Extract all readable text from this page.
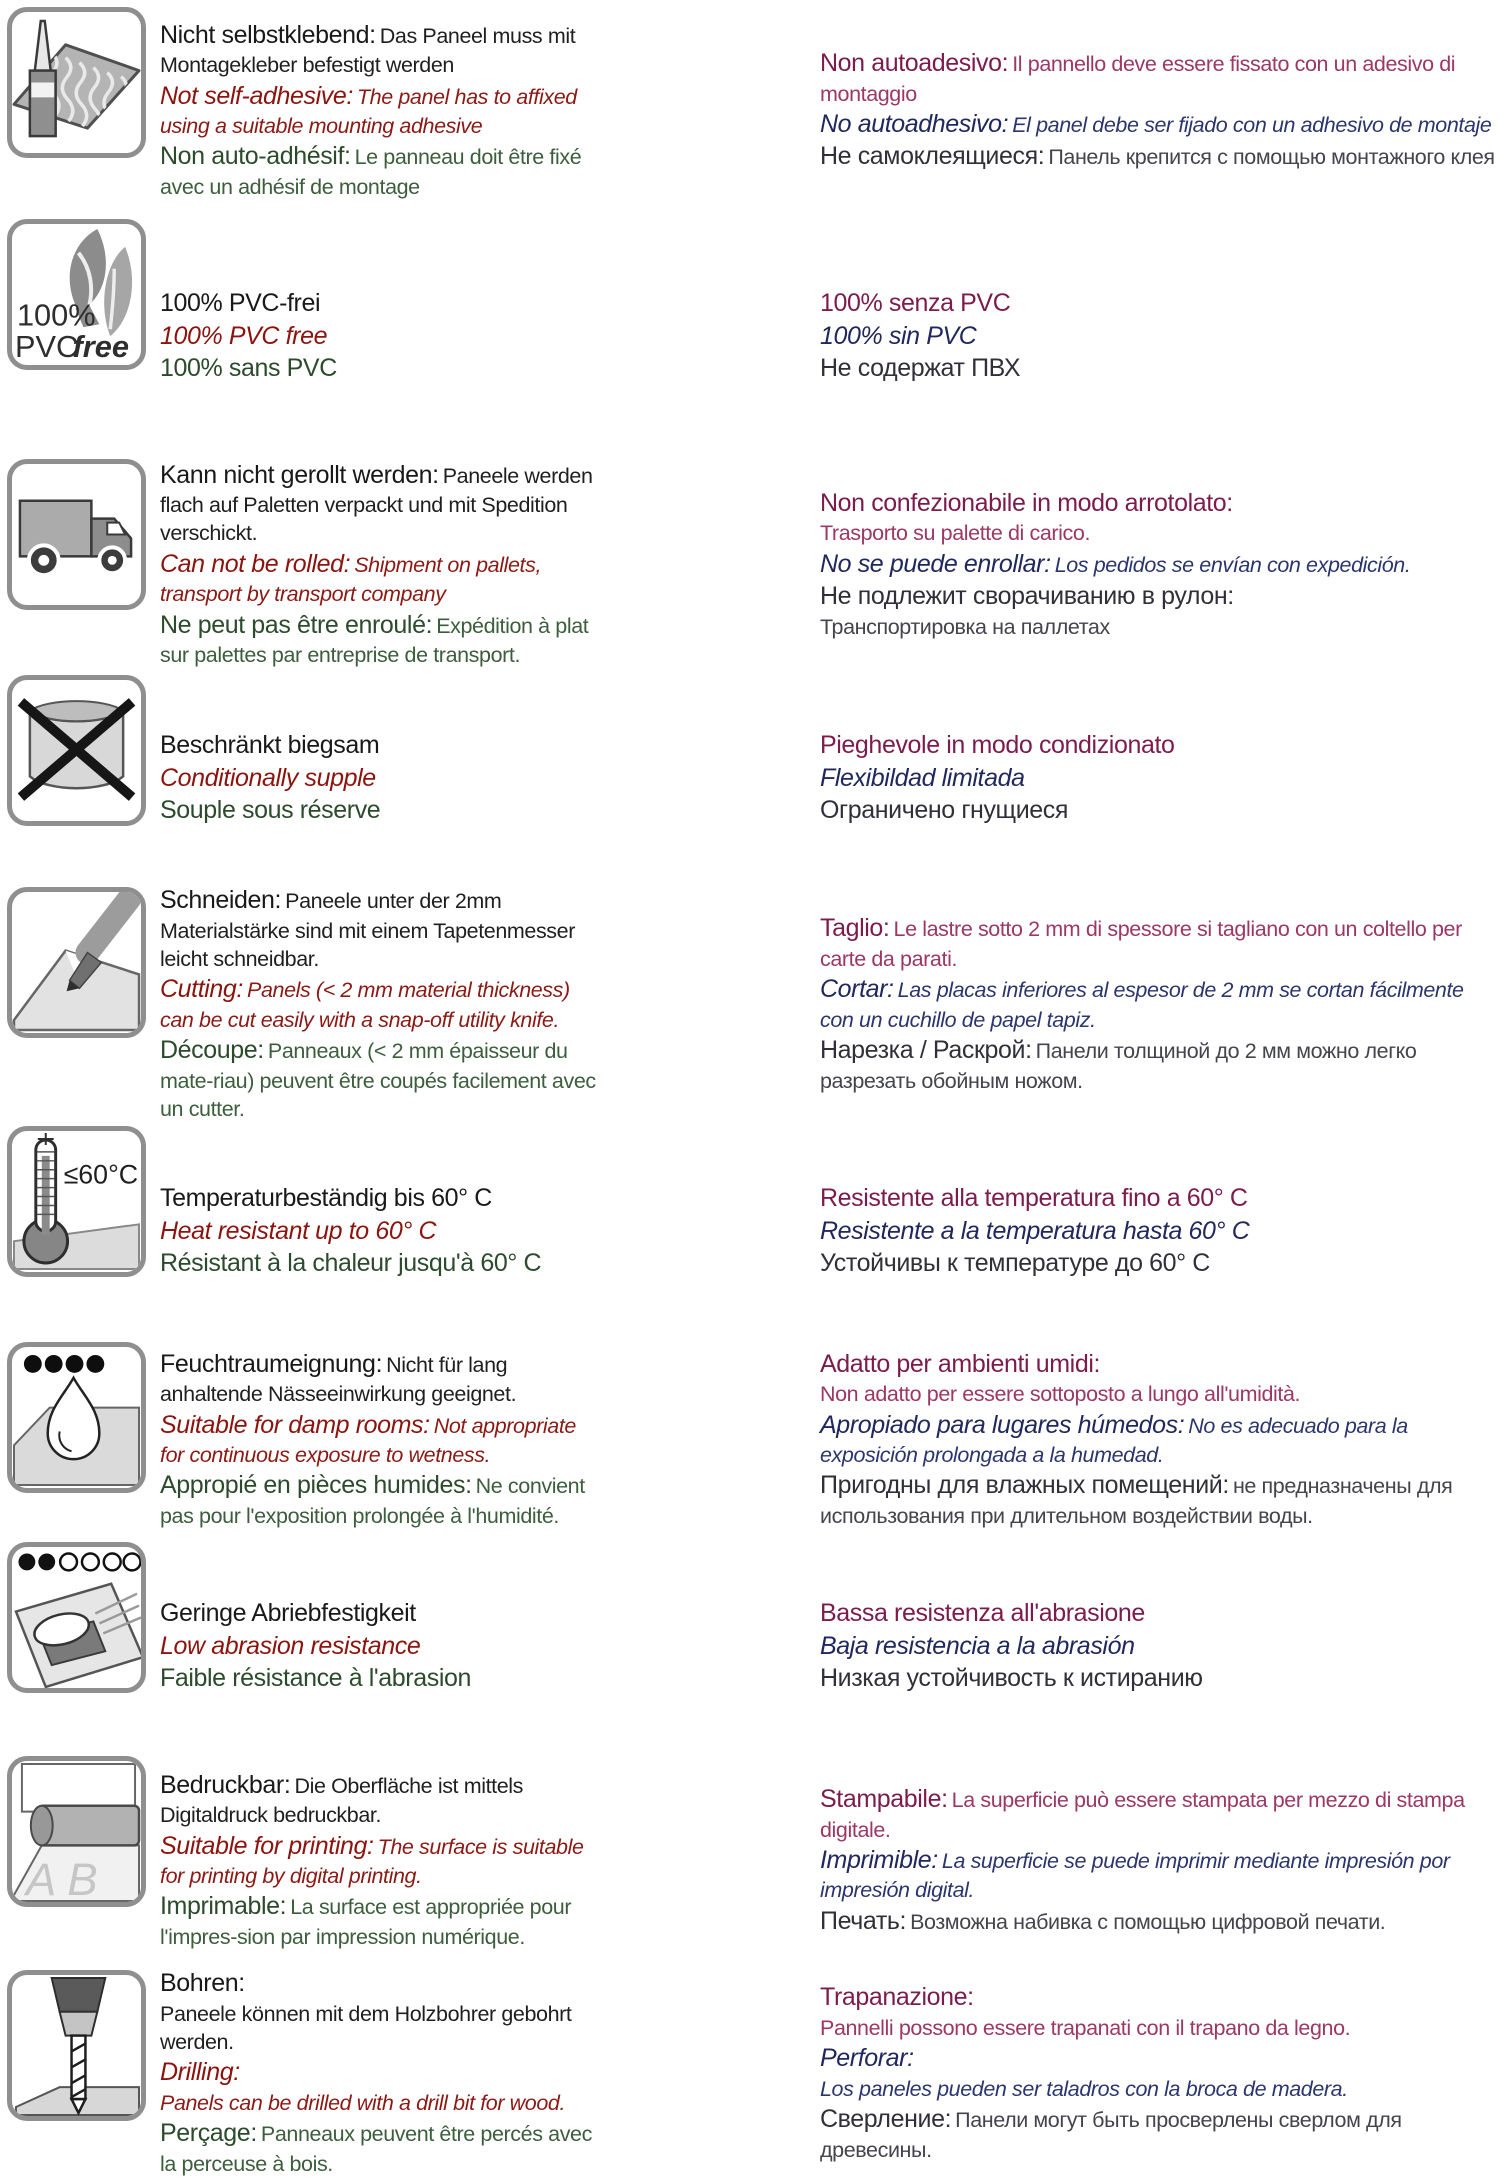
Nicht selbstklebend: Das Paneel muss mit Montagekleber befestigt werden

Not self-adhesive: The panel has to affixed using a suitable mounting adhesive

Non auto-adhésif: Le panneau doit être fixé avec un adhésif de montage

Non autoadesivo: Il pannello deve essere fissato con un adesivo di montaggio

No autoadhesivo: El panel debe ser fijado con un adhesivo de montaje

Не самоклеящиеся: Панель крепится с помощью монтажного клея

100%
PVC
free

100% PVC-frei

100% PVC free

100% sans PVC

100% senza PVC

100% sin PVC

Не содержат ПВХ

Kann nicht gerollt werden: Paneele werden flach auf Paletten verpackt und mit Spedition verschickt.

Can not be rolled: Shipment on pallets, transport by transport company

Ne peut pas être enroulé: Expédition à plat sur palettes par entreprise de transport.

Non confezionabile in modo arrotolato:
Trasporto su palette di carico.

No se puede enrollar: Los pedidos se envían con expedición.

Не подлежит сворачиванию в рулон:
Транспортировка на паллетах

Beschränkt biegsam

Conditionally supple

Souple sous réserve

Pieghevole in modo condizionato

Flexibildad limitada

Ограничено гнущиеся

Schneiden: Paneele unter der 2mm Materialstärke sind mit einem Tapetenmesser leicht schneidbar.

Cutting: Panels (< 2 mm material thickness) can be cut easily with a snap-off utility knife.

Découpe: Panneaux (< 2 mm épaisseur du mate-riau) peuvent être coupés facilement avec un cutter.

Taglio: Le lastre sotto 2 mm di spessore si tagliano con un coltello per carte da parati.

Cortar: Las placas inferiores al espesor de 2 mm se cortan fácilmente con un cuchillo de papel tapiz.

Нарезка / Раскрой: Панели толщиной до 2 мм можно легко разрезать обойным ножом.

≤60°C

Temperaturbeständig bis 60° C

Heat resistant up to 60° C

Résistant à la chaleur jusqu'à 60° C

Resistente alla temperatura fino a 60° C

Resistente a la temperatura hasta 60° C

Устойчивы к температуре до 60° C

Feuchtraumeignung: Nicht für lang anhaltende Nässeeinwirkung geeignet.

Suitable for damp rooms: Not appropriate for continuous exposure to wetness.

Appropié en pièces humides: Ne convient pas pour l'exposition prolongée à l'humidité.

Adatto per ambienti umidi:
Non adatto per essere sottoposto a lungo all'umidità.

Apropiado para lugares húmedos: No es adecuado para la exposición prolongada a la humedad.

Пригодны для влажных помещений: не предназначены для использования при длительном воздействии воды.

Geringe Abriebfestigkeit

Low abrasion resistance

Faible résistance à l'abrasion

Bassa resistenza all'abrasione

Baja resistencia a la abrasión

Низкая устойчивость к истиранию

A B

Bedruckbar: Die Oberfläche ist mittels Digitaldruck bedruckbar.

Suitable for printing: The surface is suitable for printing by digital printing.

Imprimable: La surface est appropriée pour l'impres-sion par impression numérique.

Stampabile: La superficie può essere stampata per mezzo di stampa digitale.

Imprimible: La superficie se puede imprimir mediante impresión por impresión digital.

Печать: Возможна набивка с помощью цифровой печати.

Bohren:
Paneele können mit dem Holzbohrer gebohrt werden.

Drilling:
Panels can be drilled with a drill bit for wood.

Perçage: Panneaux peuvent être percés avec la perceuse à bois.

Trapanazione:
Pannelli possono essere trapanati con il trapano da legno.

Perforar:
Los paneles pueden ser taladros con la broca de madera.

Сверление: Панели могут быть просверлены сверлом для древесины.
